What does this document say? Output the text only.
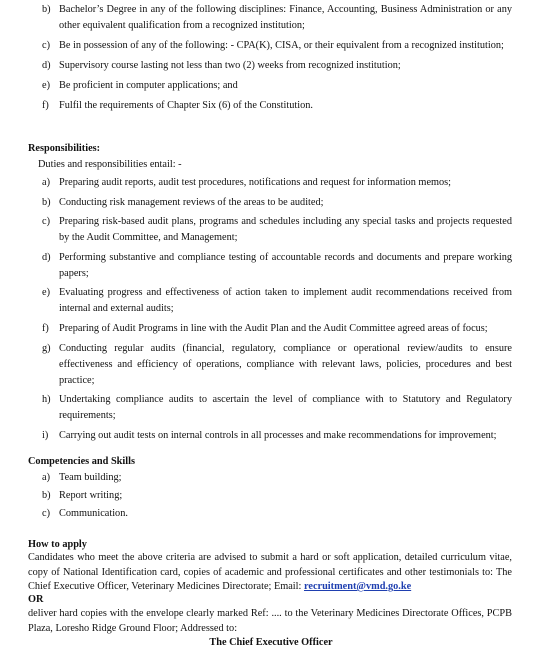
b) Bachelor’s Degree in any of the following disciplines: Finance, Accounting, Business Administration or any other equivalent qualification from a recognized institution;
c) Be in possession of any of the following: - CPA(K), CISA, or their equivalent from a recognized institution;
d) Supervisory course lasting not less than two (2) weeks from recognized institution;
e) Be proficient in computer applications; and
f) Fulfil the requirements of Chapter Six (6) of the Constitution.
Responsibilities:
Duties and responsibilities entail: -
a) Preparing audit reports, audit test procedures, notifications and request for information memos;
b) Conducting risk management reviews of the areas to be audited;
c) Preparing risk-based audit plans, programs and schedules including any special tasks and projects requested by the Audit Committee, and Management;
d) Performing substantive and compliance testing of accountable records and documents and prepare working papers;
e) Evaluating progress and effectiveness of action taken to implement audit recommendations received from internal and external audits;
f) Preparing of Audit Programs in line with the Audit Plan and the Audit Committee agreed areas of focus;
g) Conducting regular audits (financial, regulatory, compliance or operational review/audits to ensure effectiveness and efficiency of operations, compliance with relevant laws, policies, procedures and best practice;
h) Undertaking compliance audits to ascertain the level of compliance with to Statutory and Regulatory requirements;
i) Carrying out audit tests on internal controls in all processes and make recommendations for improvement;
Competencies and Skills
a) Team building;
b) Report writing;
c) Communication.
How to apply
Candidates who meet the above criteria are advised to submit a hard or soft application, detailed curriculum vitae, copy of National Identification card, copies of academic and professional certificates and other testimonials to: The Chief Executive Officer, Veterinary Medicines Directorate; Email: recruitment@vmd.go.ke
OR
deliver hard copies with the envelope clearly marked Ref: .... to the Veterinary Medicines Directorate Offices, PCPB Plaza, Loresho Ridge Ground Floor; Addressed to:
The Chief Executive Officer
